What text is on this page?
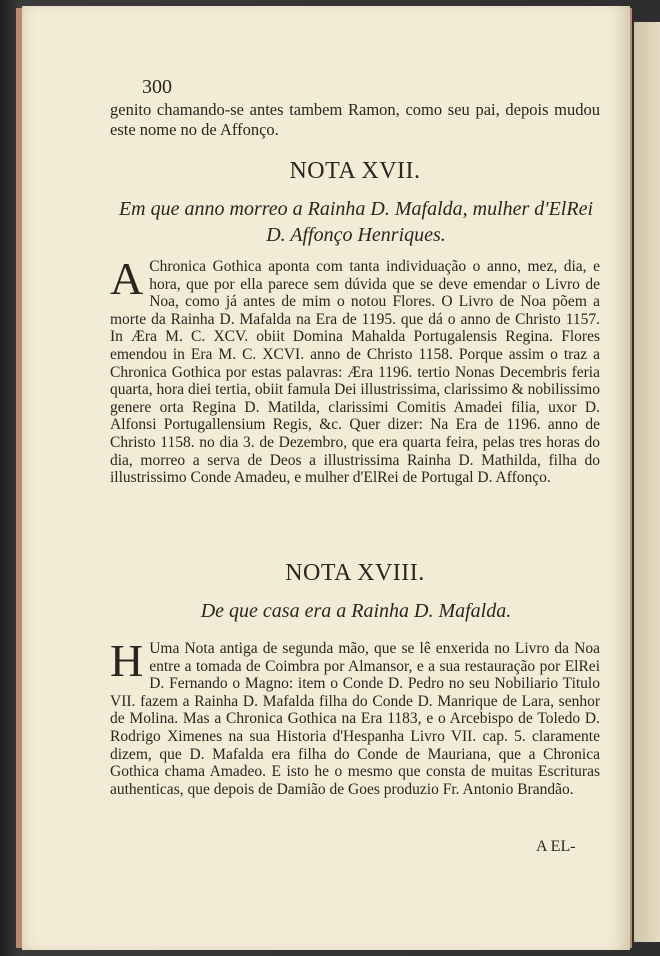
300
genito chamando-se antes tambem Ramon, como seu pai, depois mudou este nome no de Affonço.
NOTA XVII.
Em que anno morreo a Rainha D. Mafalda, mulher d'ElRei D. Affonço Henriques.
A Chronica Gothica aponta com tanta individuação o anno, mez, dia, e hora, que por ella parece sem dúvida que se deve emendar o Livro de Noa, como já antes de mim o notou Flores. O Livro de Noa põem a morte da Rainha D. Mafalda na Era de 1195. que dá o anno de Christo 1157. In Æra M. C. XCV. obiit Domina Mahalda Portugalensis Regina. Flores emendou in Era M. C. XCVI. anno de Christo 1158. Porque assim o traz a Chronica Gothica por estas palavras: Æra 1196. tertio Nonas Decembris feria quarta, hora diei tertia, obiit famula Dei illustrissima, clarissimo & nobilissimo genere orta Regina D. Matilda, clarissimi Comitis Amadei filia, uxor D. Alfonsi Portugallensium Regis, &c. Quer dizer: Na Era de 1196. anno de Christo 1158. no dia 3. de Dezembro, que era quarta feira, pelas tres horas do dia, morreo a serva de Deos a illustrissima Rainha D. Mathilda, filha do illustrissimo Conde Amadeu, e mulher d'ElRei de Portugal D. Affonço.
NOTA XVIII.
De que casa era a Rainha D. Mafalda.
H Uma Nota antiga de segunda mão, que se lê enxerida no Livro da Noa entre a tomada de Coimbra por Almansor, e a sua restauração por ElRei D. Fernando o Magno: item o Conde D. Pedro no seu Nobiliario Titulo VII. fazem a Rainha D. Mafalda filha do Conde D. Manrique de Lara, senhor de Molina. Mas a Chronica Gothica na Era 1183, e o Arcebispo de Toledo D. Rodrigo Ximenes na sua Historia d'Hespanha Livro VII. cap. 5. claramente dizem, que D. Mafalda era filha do Conde de Mauriana, que a Chronica Gothica chama Amadeo. E isto he o mesmo que consta de muitas Escrituras authenticas, que depois de Damião de Goes produzio Fr. Antonio Brandão.
A EL-
